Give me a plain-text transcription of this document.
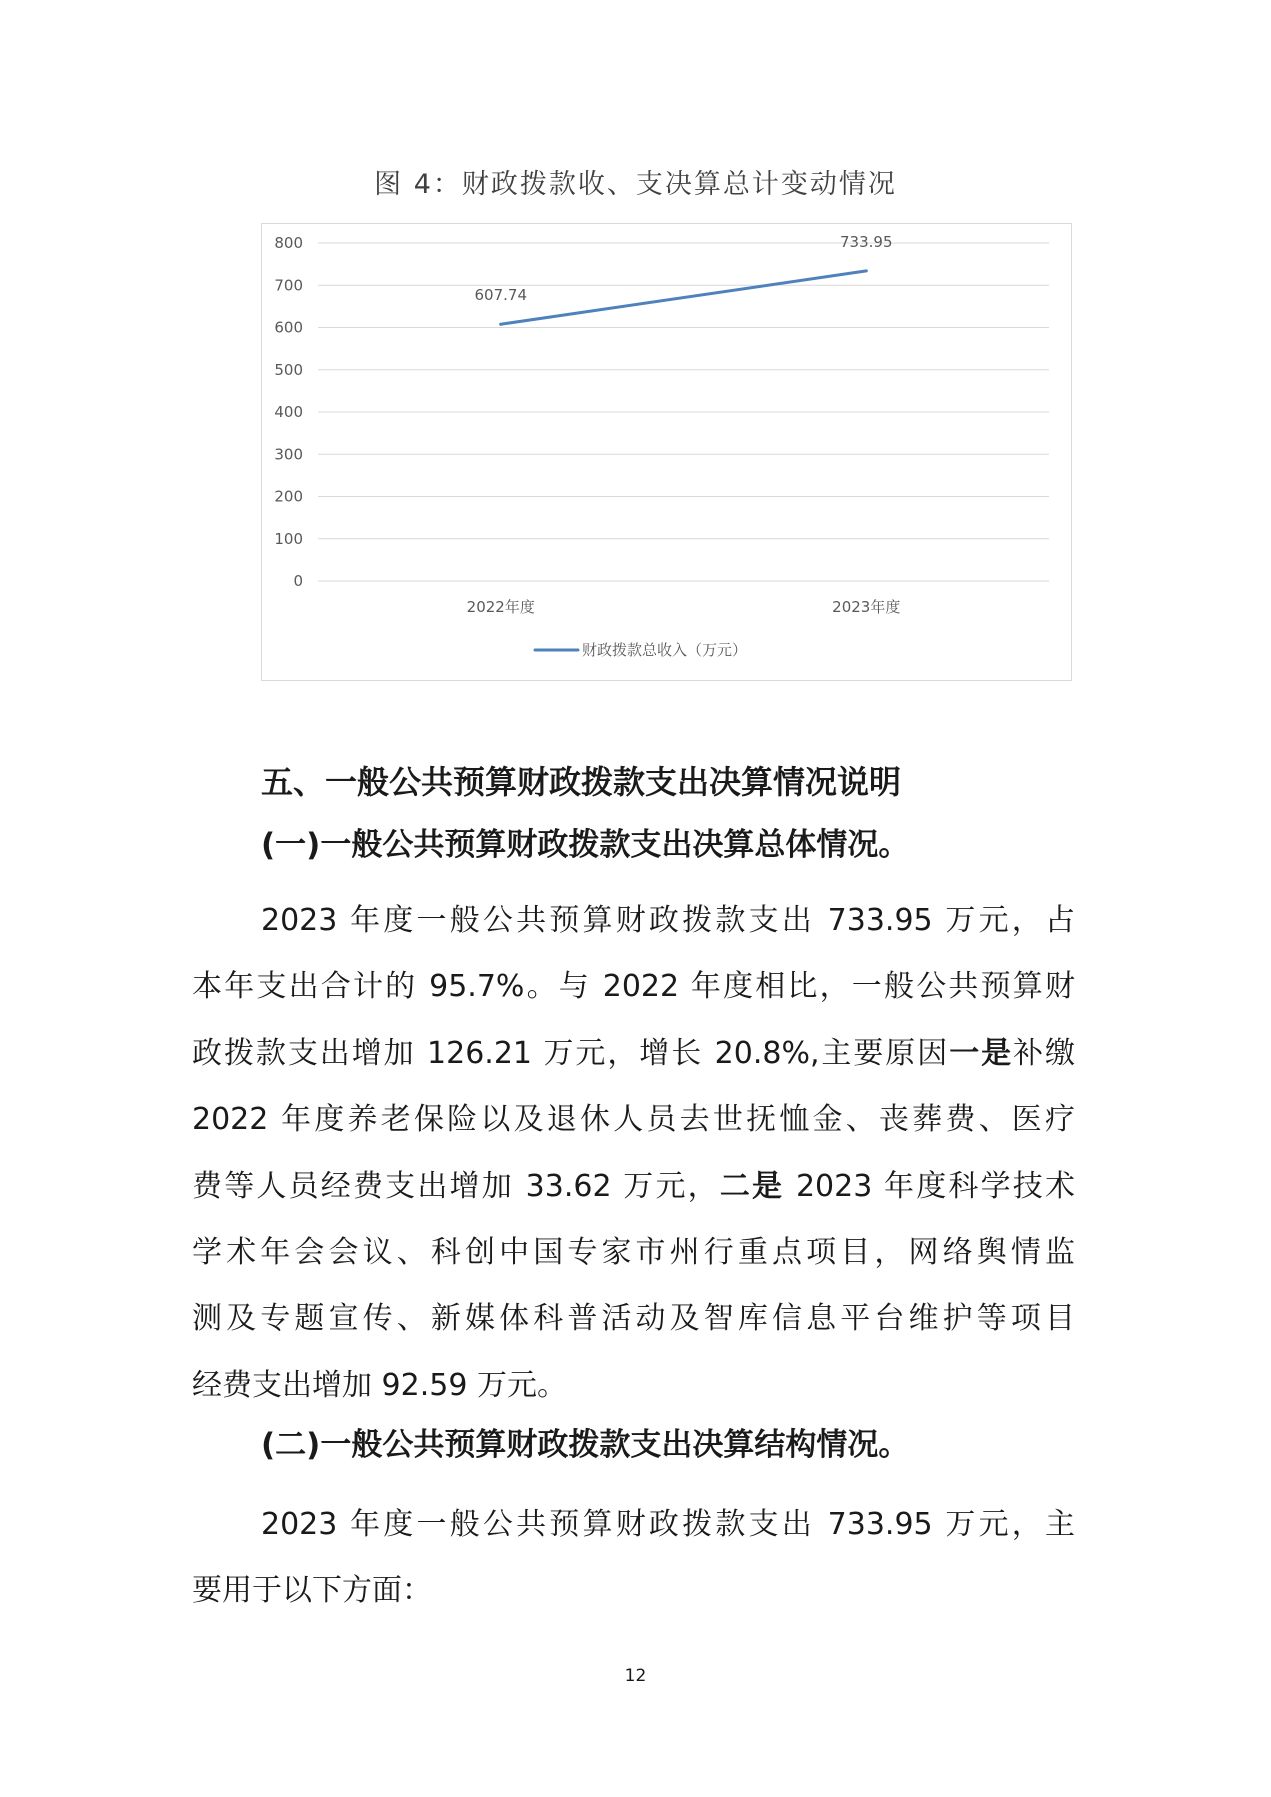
图 4：财政拨款收、支决算总计变动情况
0
100
200
300
400
500
600
700
800
2022年度	2023年度
607.74
733.95
财政拨款总收入（万元）
五、一般公共预算财政拨款支出决算情况说明
(一)一般公共预算财政拨款支出决算总体情况。
2023 年度一般公共预算财政拨款支出 733.95 万元，占
本年支出合计的 95.7%。与 2022 年度相比，一般公共预算财
政拨款支出增加 126.21 万元，增长 20.8%,主要原因一是补缴
2022 年度养老保险以及退休人员去世抚恤金、丧葬费、医疗
费等人员经费支出增加 33.62 万元，二是 2023 年度科学技术
学术年会会议、科创中国专家市州行重点项目，网络舆情监
测及专题宣传、新媒体科普活动及智库信息平台维护等项目
经费支出增加 92.59 万元。
(二)一般公共预算财政拨款支出决算结构情况。
2023 年度一般公共预算财政拨款支出 733.95 万元，主
要用于以下方面：
12
